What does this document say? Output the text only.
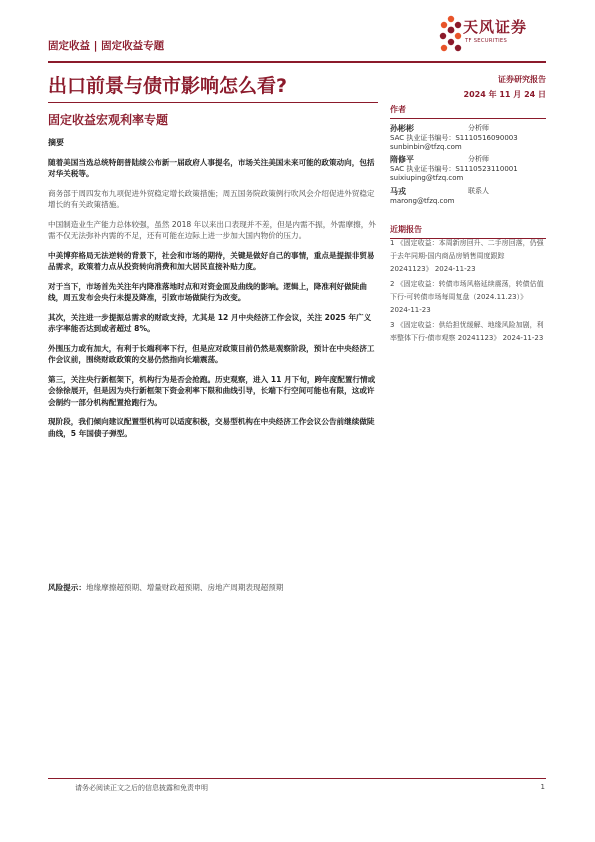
固定收益 | 固定收益专题
天风证券
TF SECURITIES
出口前景与债市影响怎么看?	证券研究报告
2024 年 11 月 24 日
固定收益宏观利率专题

摘要

随着美国当选总统特朗普陆续公布新一届政府人事提名，市场关注美国未来可能的政策动向，包括对华关税等。

商务部于周四发布九项促进外贸稳定增长政策措施；周五国务院政策例行吹风会介绍促进外贸稳定增长的有关政策措施。

中国制造业生产能力总体较强，虽然 2018 年以来出口表现并不差，但是内需不振，外需摩擦，外需不仅无法弥补内需的不足，还有可能在边际上进一步加大国内物价的压力。

中美博弈格局无法逆转的背景下，社会和市场的期待，关键是做好自己的事情，重点是提振非贸易品需求，政策着力点从投资转向消费和加大居民直接补贴力度。

对于当下，市场首先关注年内降准落地时点和对资金面及曲线的影响。逻辑上，降准利好做陡曲线，周五发布会央行未提及降准，引致市场做陡行为改变。

其次，关注进一步提振总需求的财政支持，尤其是 12 月中央经济工作会议，关注 2025 年广义赤字率能否达到或者超过 8%。

外围压力或有加大，有利于长端利率下行，但是应对政策目前仍然是观察阶段，预计在中央经济工作会议前，围绕财政政策的交易仍然指向长端震荡。

第三，关注央行新框架下，机构行为是否会抢跑。历史观察，进入 11 月下旬，跨年度配置行情或会徐徐展开，但是因为央行新框架下资金利率下限和曲线引导，长端下行空间可能也有限，这或许会制约一部分机构配置抢跑行为。

现阶段，我们倾向建议配置型机构可以适度积极，交易型机构在中央经济工作会议公告前继续做陡曲线，5 年国债子弹型。

风险提示：地缘摩擦超预期、增量财政超预期、房地产周期表现超预期
作者
孙彬彬	分析师
SAC 执业证书编号：S1110516090003
sunbinbin@tfzq.com
隋修平	分析师
SAC 执业证书编号：S1110523110001
suixiuping@tfzq.com
马戎	联系人
marong@tfzq.com
近期报告
1 《固定收益：本周新房回升、二手房回落，仍强于去年同期-国内商品房销售周度跟踪 20241123》 2024-11-23
2 《固定收益：转债市场风格延续震荡，转债估值下行-可转债市场每周复盘（2024.11.23）》 2024-11-23
3 《固定收益：供给担忧缓解、地缘风险加剧，利率整体下行-债市观察 20241123》 2024-11-23
请务必阅读正文之后的信息披露和免责申明	1
